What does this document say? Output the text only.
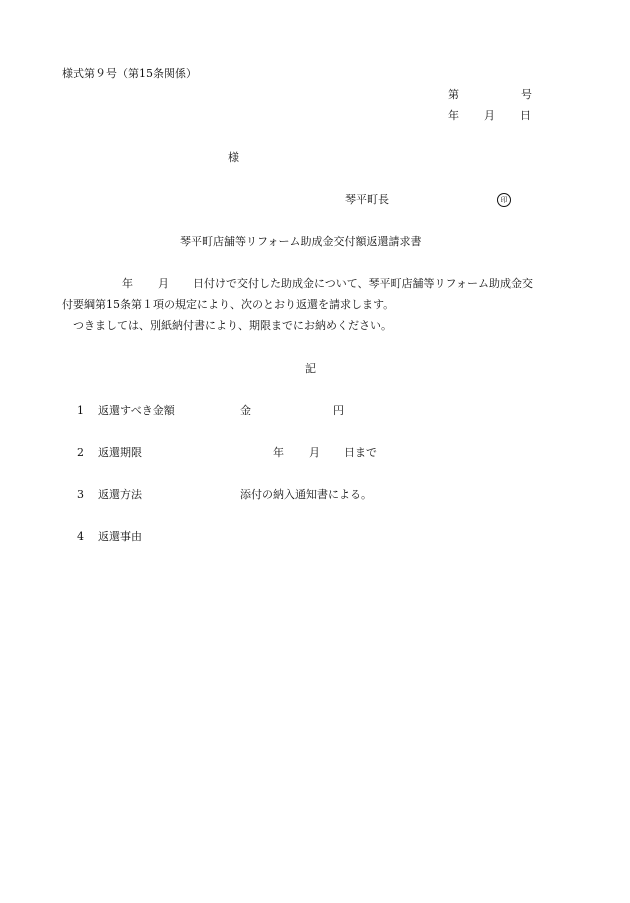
様式第９号（第15条関係）
第	号
年 月 日
様
琴平町長	印
琴平町店舗等リフォーム助成金交付額返還請求書
年 月 日付けで交付した助成金について、琴平町店舗等リフォーム助成金交
付要綱第15条第１項の規定により、次のとおり返還を請求します。
つきましては、別紙納付書により、期限までにお納めください。
記
1 返還すべき金額	金	円
2 返還期限	年 月 日まで
3 返還方法	添付の納入通知書による。
4 返還事由
